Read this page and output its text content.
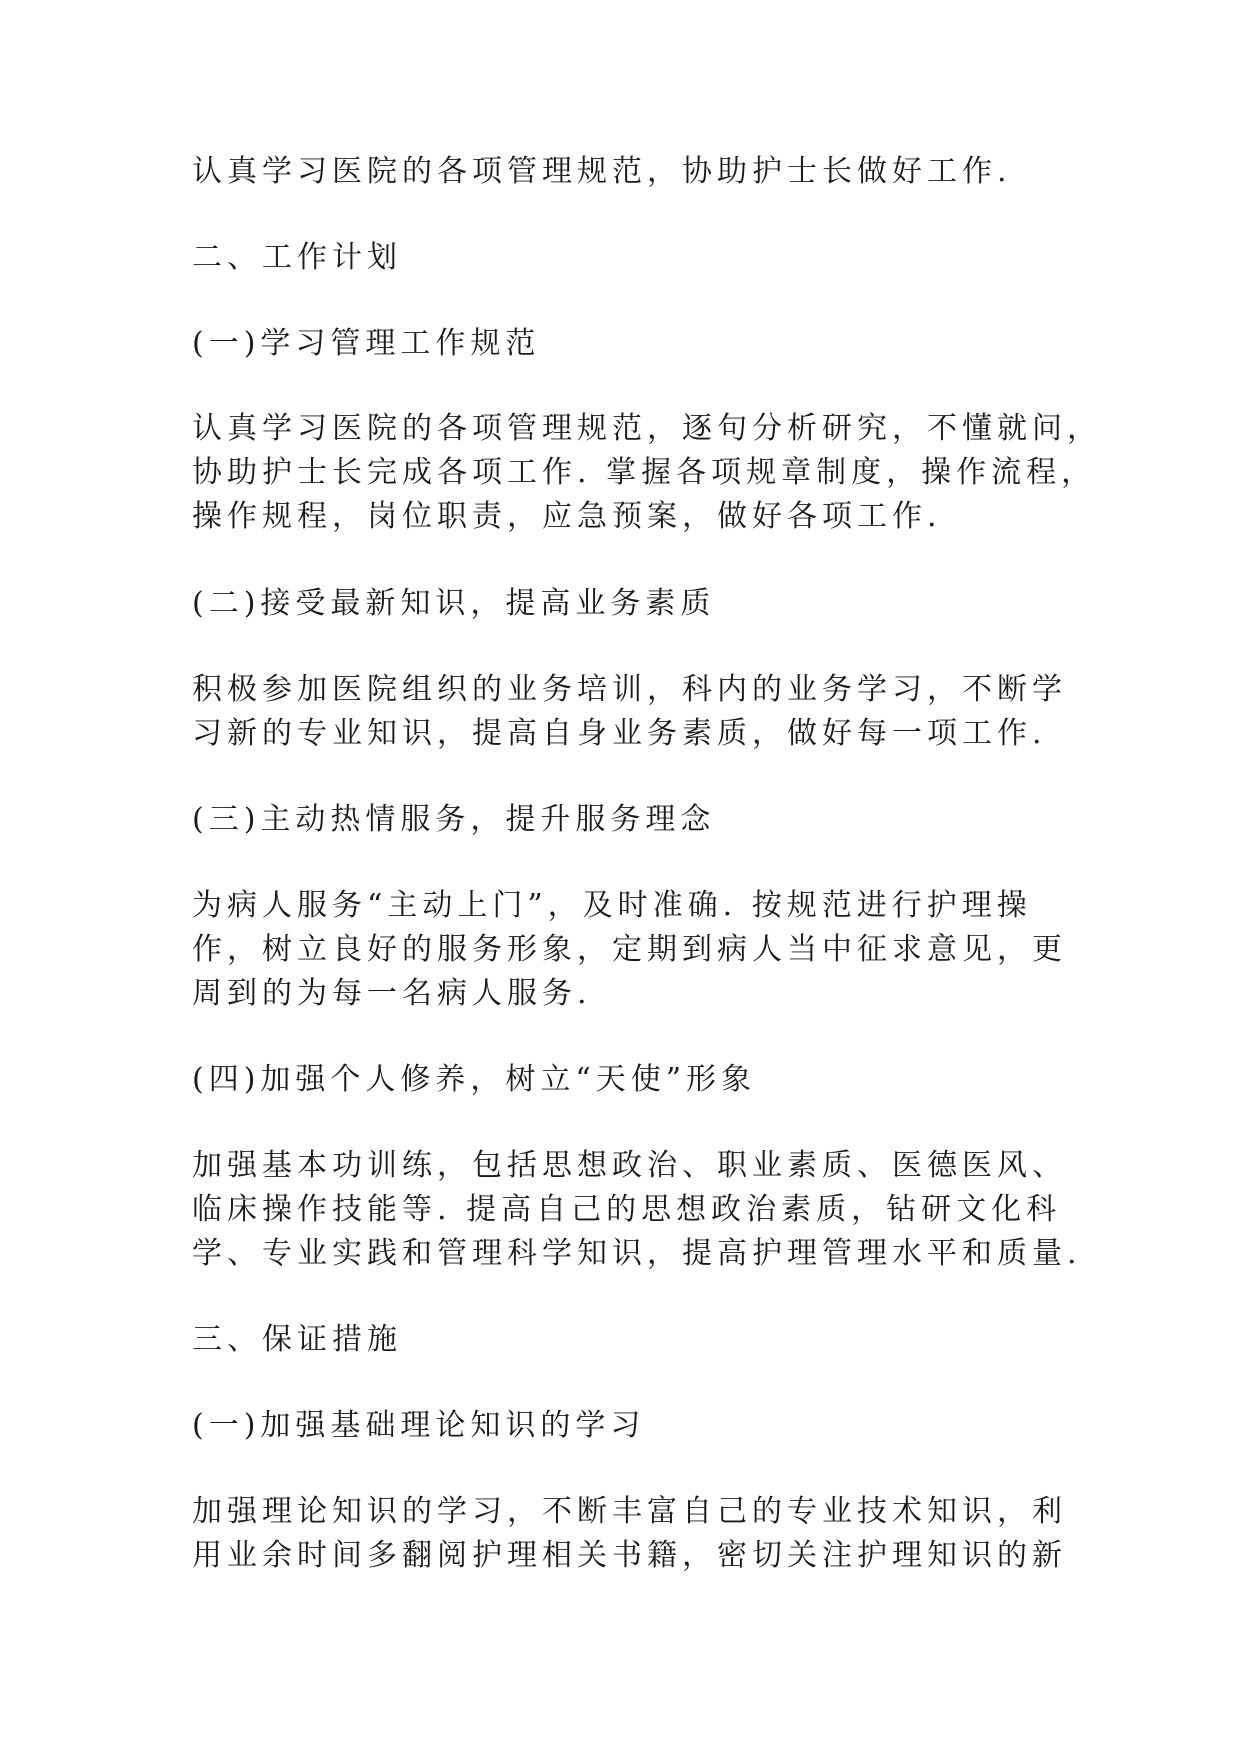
认真学习医院的各项管理规范，协助护士长做好工作.

二、工作计划

(一)学习管理工作规范

认真学习医院的各项管理规范，逐句分析研究，不懂就问，

协助护士长完成各项工作. 掌握各项规章制度，操作流程，

操作规程，岗位职责，应急预案，做好各项工作.

(二)接受最新知识，提高业务素质

积极参加医院组织的业务培训，科内的业务学习，不断学

习新的专业知识，提高自身业务素质，做好每一项工作.

(三)主动热情服务，提升服务理念

为病人服务“主动上门”，及时准确. 按规范进行护理操

作，树立良好的服务形象，定期到病人当中征求意见，更

周到的为每一名病人服务.

(四)加强个人修养，树立“天使”形象

加强基本功训练，包括思想政治、职业素质、医德医风、

临床操作技能等. 提高自己的思想政治素质，钻研文化科

学、专业实践和管理科学知识，提高护理管理水平和质量.

三、保证措施

(一)加强基础理论知识的学习

加强理论知识的学习，不断丰富自己的专业技术知识，利

用业余时间多翻阅护理相关书籍，密切关注护理知识的新
